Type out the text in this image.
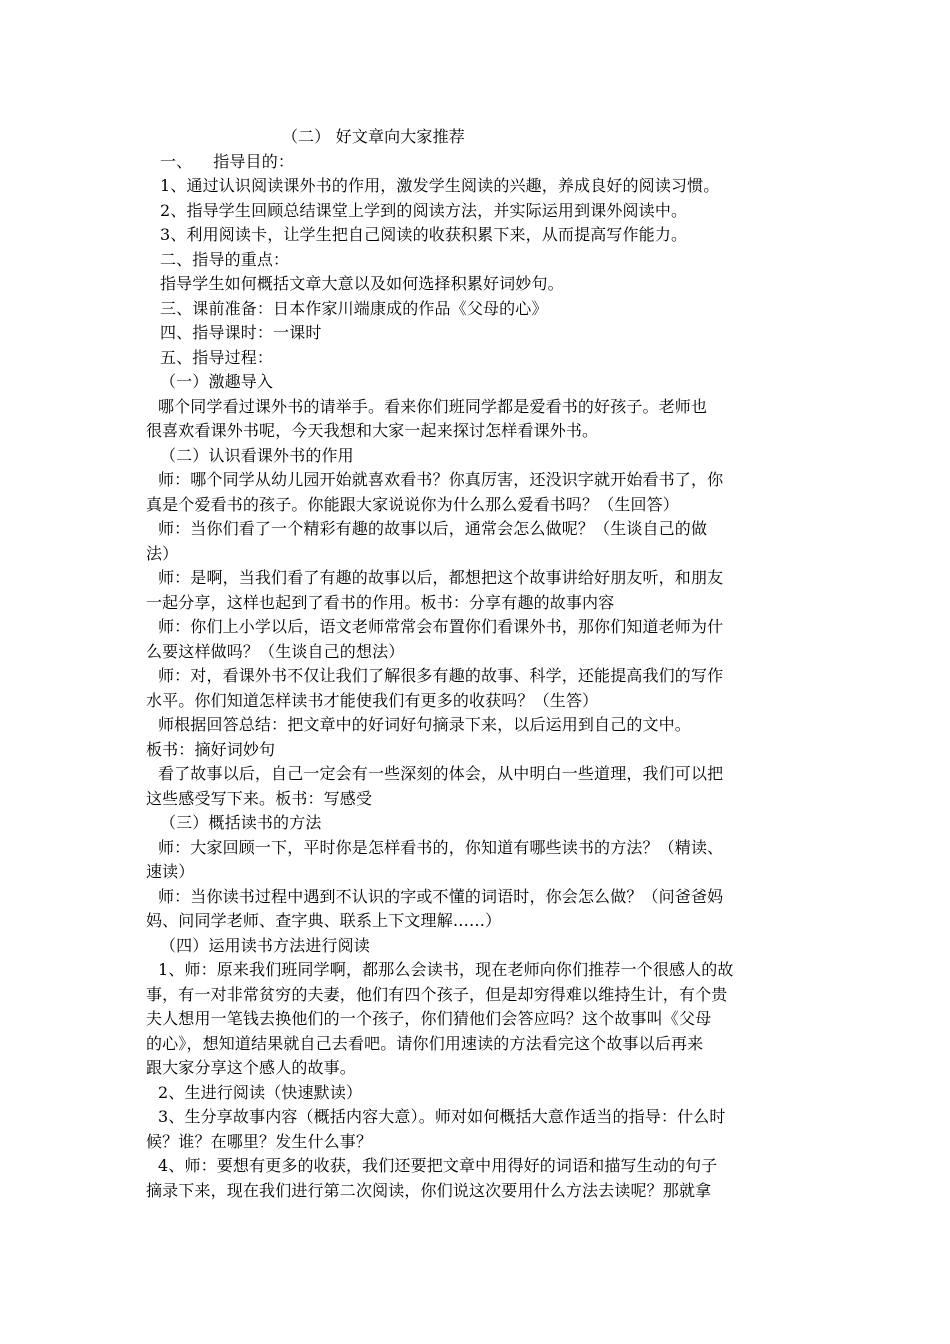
（二） 好文章向大家推荐
一、    指导目的：
1、通过认识阅读课外书的作用，激发学生阅读的兴趣，养成良好的阅读习惯。
2、指导学生回顾总结课堂上学到的阅读方法，并实际运用到课外阅读中。
3、利用阅读卡，让学生把自己阅读的收获积累下来，从而提高写作能力。
二、指导的重点：
指导学生如何概括文章大意以及如何选择积累好词妙句。
三、课前准备：日本作家川端康成的作品《父母的心》
四、指导课时：一课时
五、指导过程：
（一）激趣导入
哪个同学看过课外书的请举手。看来你们班同学都是爱看书的好孩子。老师也
很喜欢看课外书呢，今天我想和大家一起来探讨怎样看课外书。
（二）认识看课外书的作用
师：哪个同学从幼儿园开始就喜欢看书？你真厉害，还没识字就开始看书了，你
真是个爱看书的孩子。你能跟大家说说你为什么那么爱看书吗？（生回答）
师：当你们看了一个精彩有趣的故事以后，通常会怎么做呢？（生谈自己的做
法）
师：是啊，当我们看了有趣的故事以后，都想把这个故事讲给好朋友听，和朋友
一起分享，这样也起到了看书的作用。板书：分享有趣的故事内容
师：你们上小学以后，语文老师常常会布置你们看课外书，那你们知道老师为什
么要这样做吗？（生谈自己的想法）
师：对，看课外书不仅让我们了解很多有趣的故事、科学，还能提高我们的写作
水平。你们知道怎样读书才能使我们有更多的收获吗？（生答）
师根据回答总结：把文章中的好词好句摘录下来，以后运用到自己的文中。
板书：摘好词妙句
看了故事以后，自己一定会有一些深刻的体会，从中明白一些道理，我们可以把
这些感受写下来。板书：写感受
（三）概括读书的方法
师：大家回顾一下，平时你是怎样看书的，你知道有哪些读书的方法？（精读、
速读）
师：当你读书过程中遇到不认识的字或不懂的词语时，你会怎么做？（问爸爸妈
妈、问同学老师、查字典、联系上下文理解……）
（四）运用读书方法进行阅读
1、师：原来我们班同学啊，都那么会读书，现在老师向你们推荐一个很感人的故
事，有一对非常贫穷的夫妻，他们有四个孩子，但是却穷得难以维持生计，有个贵
夫人想用一笔钱去换他们的一个孩子，你们猜他们会答应吗？这个故事叫《父母
的心》，想知道结果就自己去看吧。请你们用速读的方法看完这个故事以后再来
跟大家分享这个感人的故事。
2、生进行阅读（快速默读）
3、生分享故事内容（概括内容大意）。师对如何概括大意作适当的指导：什么时
候？谁？在哪里？发生什么事？
4、师：要想有更多的收获，我们还要把文章中用得好的词语和描写生动的句子
摘录下来，现在我们进行第二次阅读，你们说这次要用什么方法去读呢？那就拿
